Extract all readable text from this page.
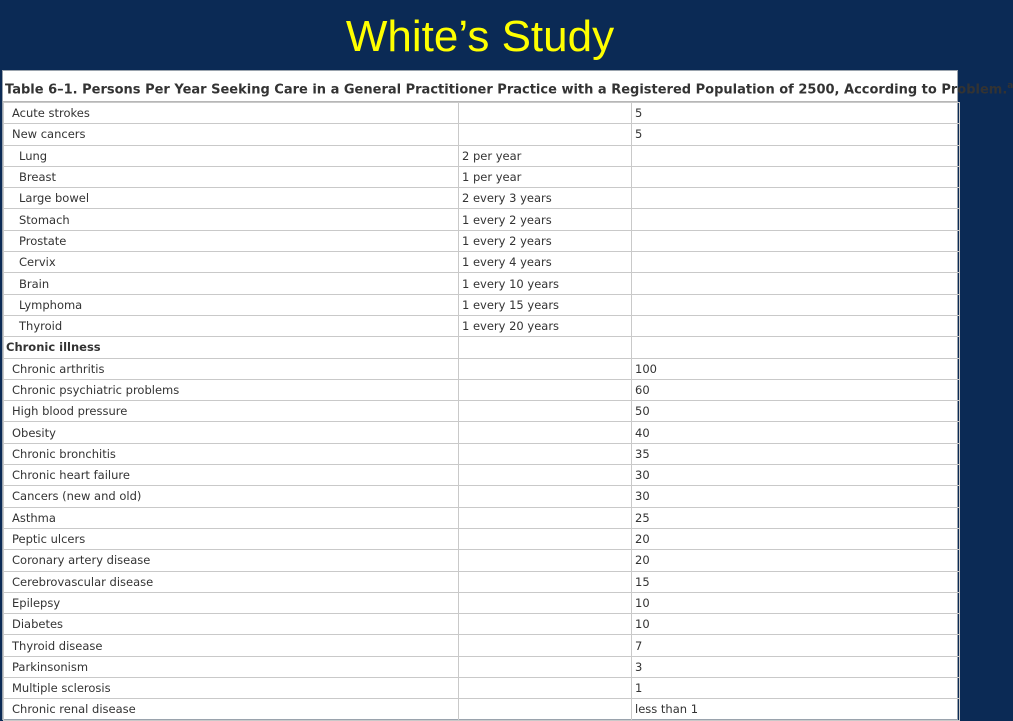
White’s Study
Table 6–1. Persons Per Year Seeking Care in a General Practitioner Practice with a Registered Population of 2500, According to Problem.$^a$
Acute strokes		5
New cancers		5
Lung	2 per year	
Breast	1 per year	
Large bowel	2 every 3 years	
Stomach	1 every 2 years	
Prostate	1 every 2 years	
Cervix	1 every 4 years	
Brain	1 every 10 years	
Lymphoma	1 every 15 years	
Thyroid	1 every 20 years	
Chronic illness		
Chronic arthritis		100
Chronic psychiatric problems		60
High blood pressure		50
Obesity		40
Chronic bronchitis		35
Chronic heart failure		30
Cancers (new and old)		30
Asthma		25
Peptic ulcers		20
Coronary artery disease		20
Cerebrovascular disease		15
Epilepsy		10
Diabetes		10
Thyroid disease		7
Parkinsonism		3
Multiple sclerosis		1
Chronic renal disease		less than 1
